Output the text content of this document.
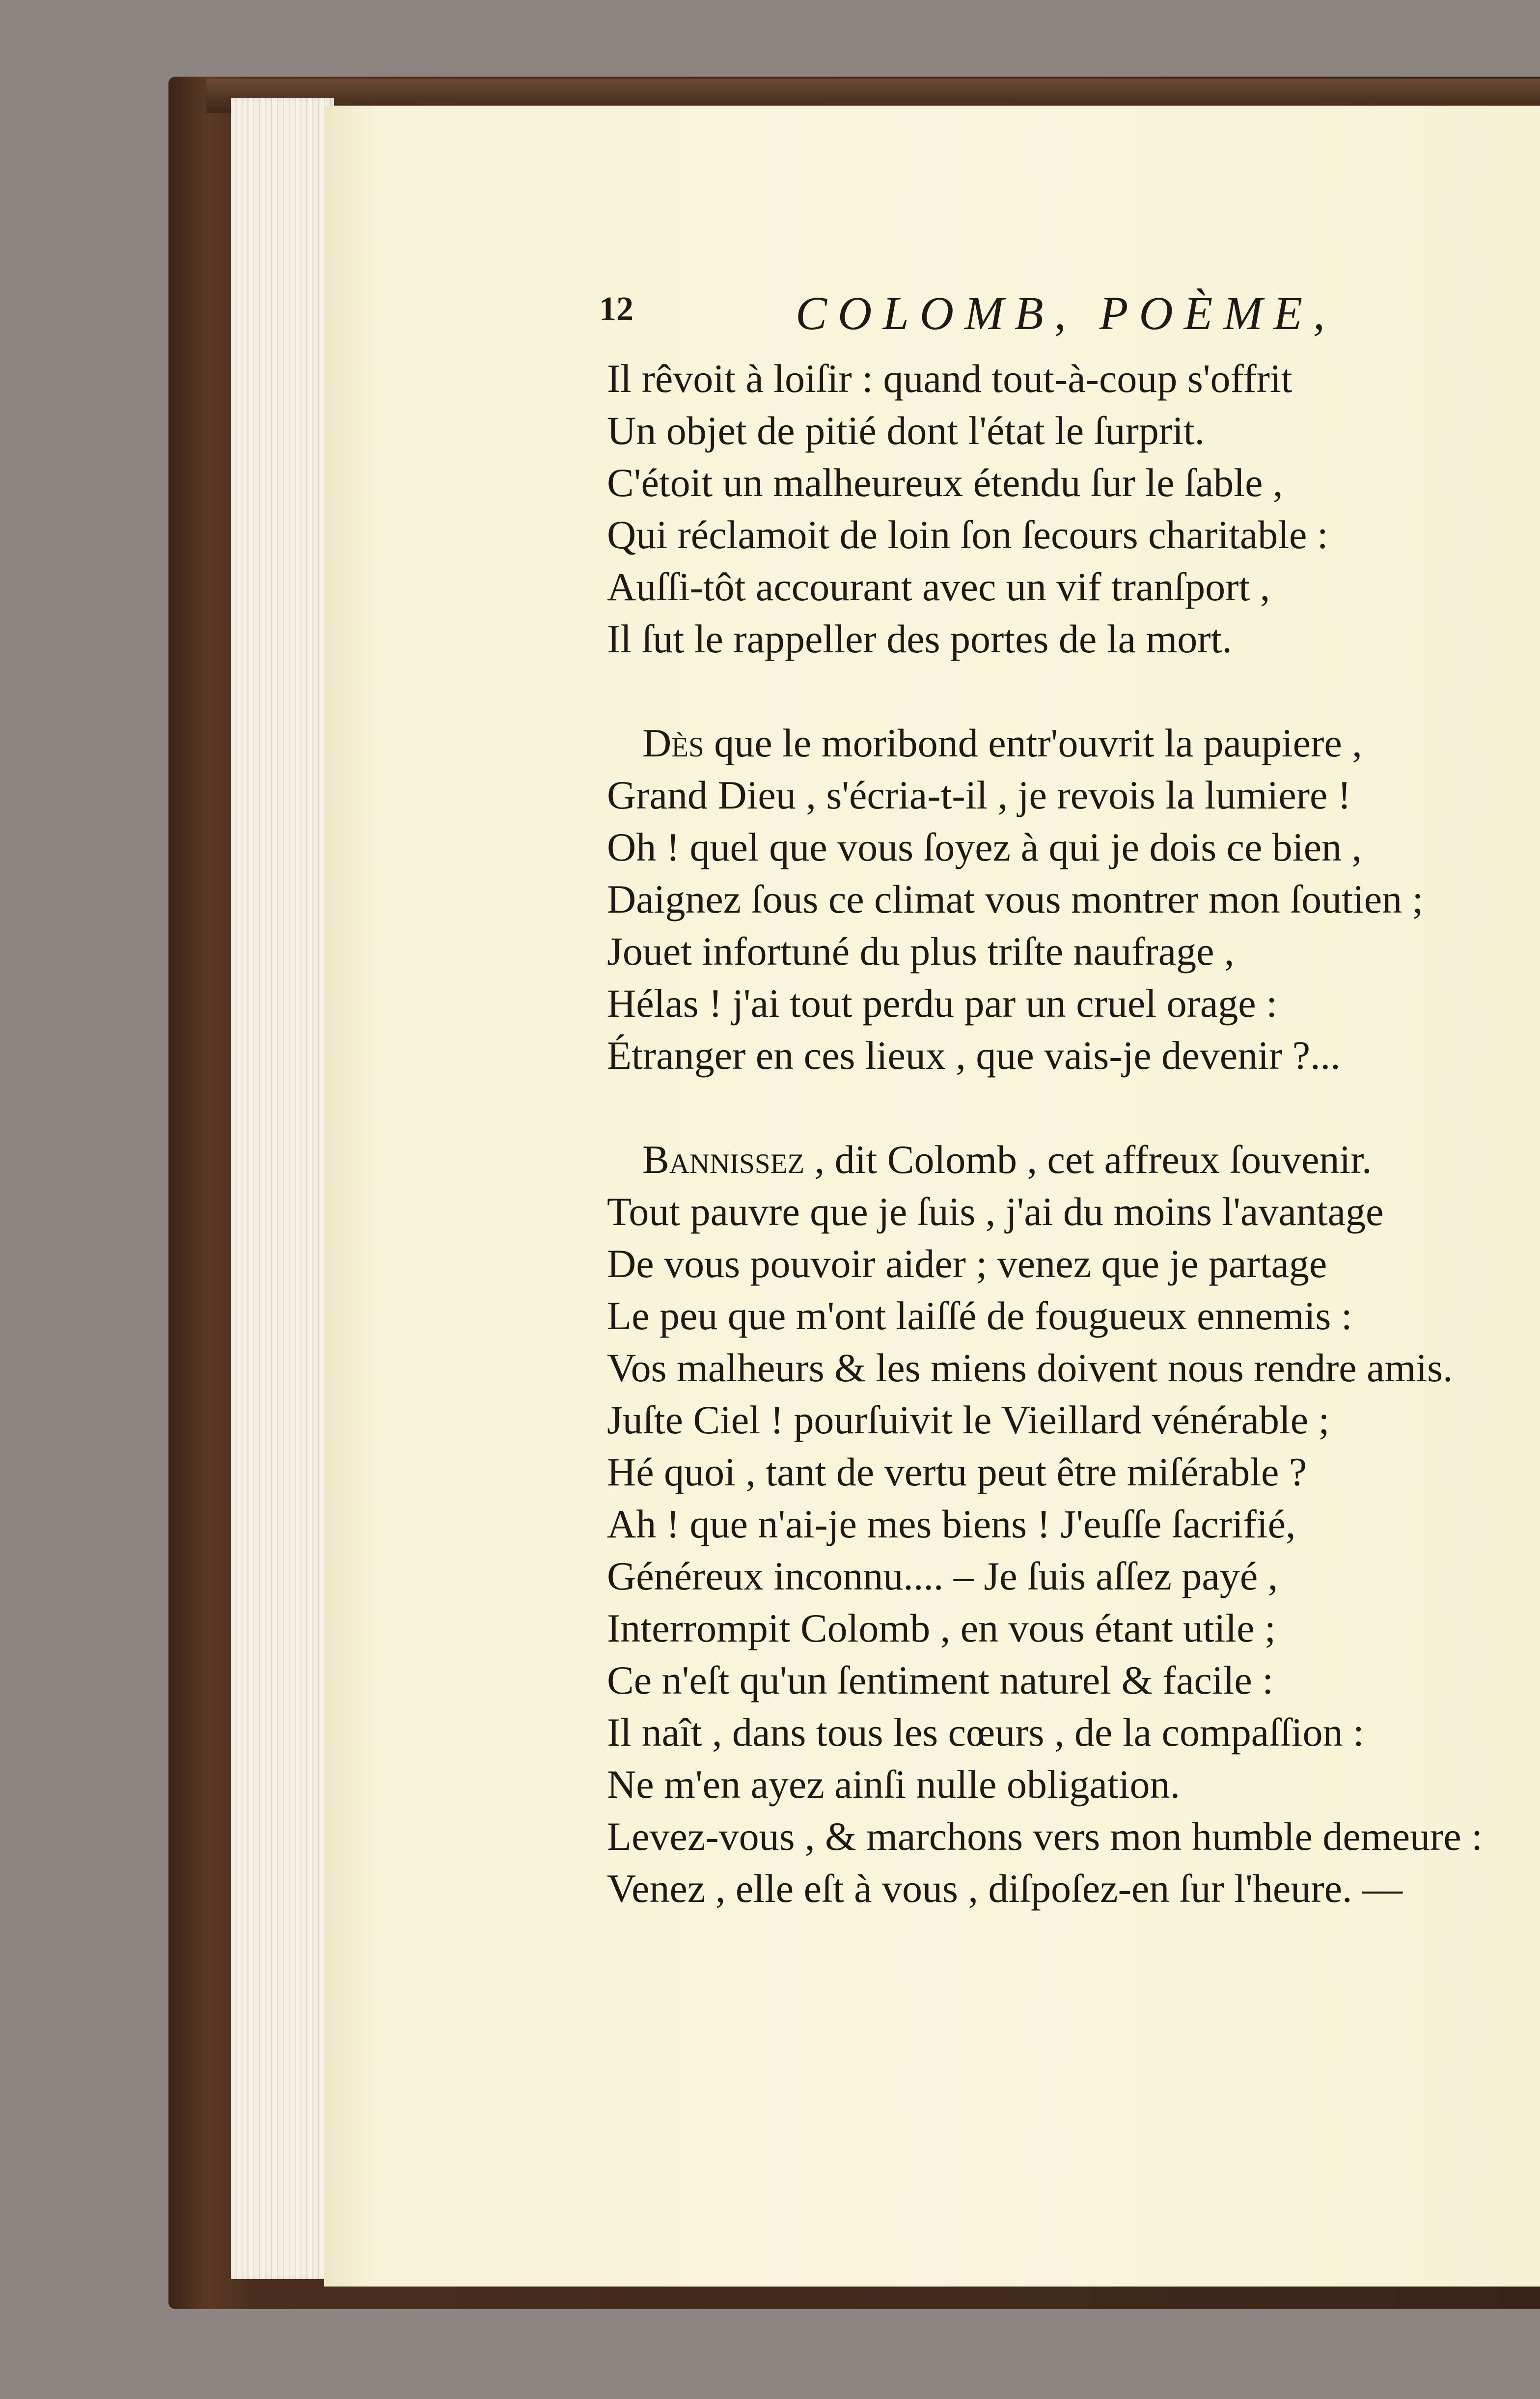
12	COLOMB, POÈME,
Il rêvoit à loiſir : quand tout-à-coup s'offrit
Un objet de pitié dont l'état le ſurprit.
C'étoit un malheureux étendu ſur le ſable ,
Qui réclamoit de loin ſon ſecours charitable :
Auſſi-tôt accourant avec un vif tranſport ,
Il ſut le rappeller des portes de la mort.
Dès que le moribond entr'ouvrit la paupiere ,
Grand Dieu , s'écria-t-il , je revois la lumiere !
Oh ! quel que vous ſoyez à qui je dois ce bien ,
Daignez ſous ce climat vous montrer mon ſoutien ;
Jouet infortuné du plus triſte naufrage ,
Hélas ! j'ai tout perdu par un cruel orage :
Étranger en ces lieux , que vais-je devenir ?...
Bannissez , dit Colomb , cet affreux ſouvenir.
Tout pauvre que je ſuis , j'ai du moins l'avantage
De vous pouvoir aider ; venez que je partage
Le peu que m'ont laiſſé de fougueux ennemis :
Vos malheurs & les miens doivent nous rendre amis.
Juſte Ciel ! pourſuivit le Vieillard vénérable ;
Hé quoi , tant de vertu peut être miſérable ?
Ah ! que n'ai-je mes biens ! J'euſſe ſacrifié,
Généreux inconnu.... – Je ſuis aſſez payé ,
Interrompit Colomb , en vous étant utile ;
Ce n'eſt qu'un ſentiment naturel & facile :
Il naît , dans tous les cœurs , de la compaſſion :
Ne m'en ayez ainſi nulle obligation.
Levez-vous , & marchons vers mon humble demeure :
Venez , elle eſt à vous , diſpoſez-en ſur l'heure. ––
